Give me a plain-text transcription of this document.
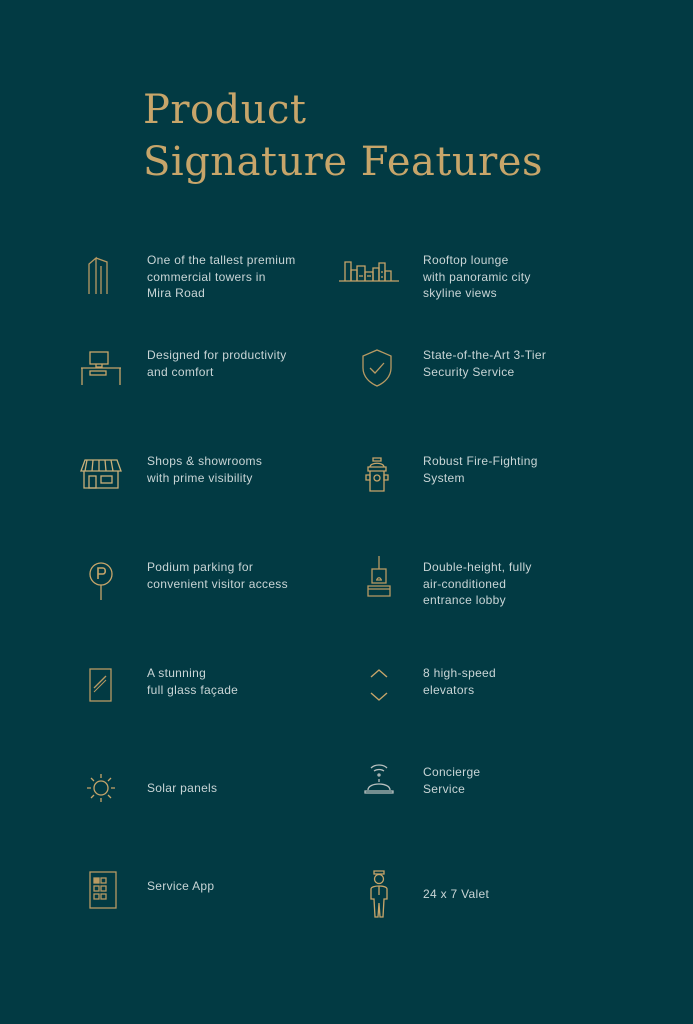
Product
Signature Features
One of the tallest premium
commercial towers in
Mira Road
Rooftop lounge
with panoramic city
skyline views
Designed for productivity
and comfort
State-of-the-Art 3-Tier
Security Service
Shops & showrooms
with prime visibility
Robust Fire-Fighting
System
Podium parking for
convenient visitor access
Double-height, fully
air-conditioned
entrance lobby
A stunning
full glass façade
8 high-speed
elevators
Solar panels
Concierge
Service
Service App
24 x 7 Valet
